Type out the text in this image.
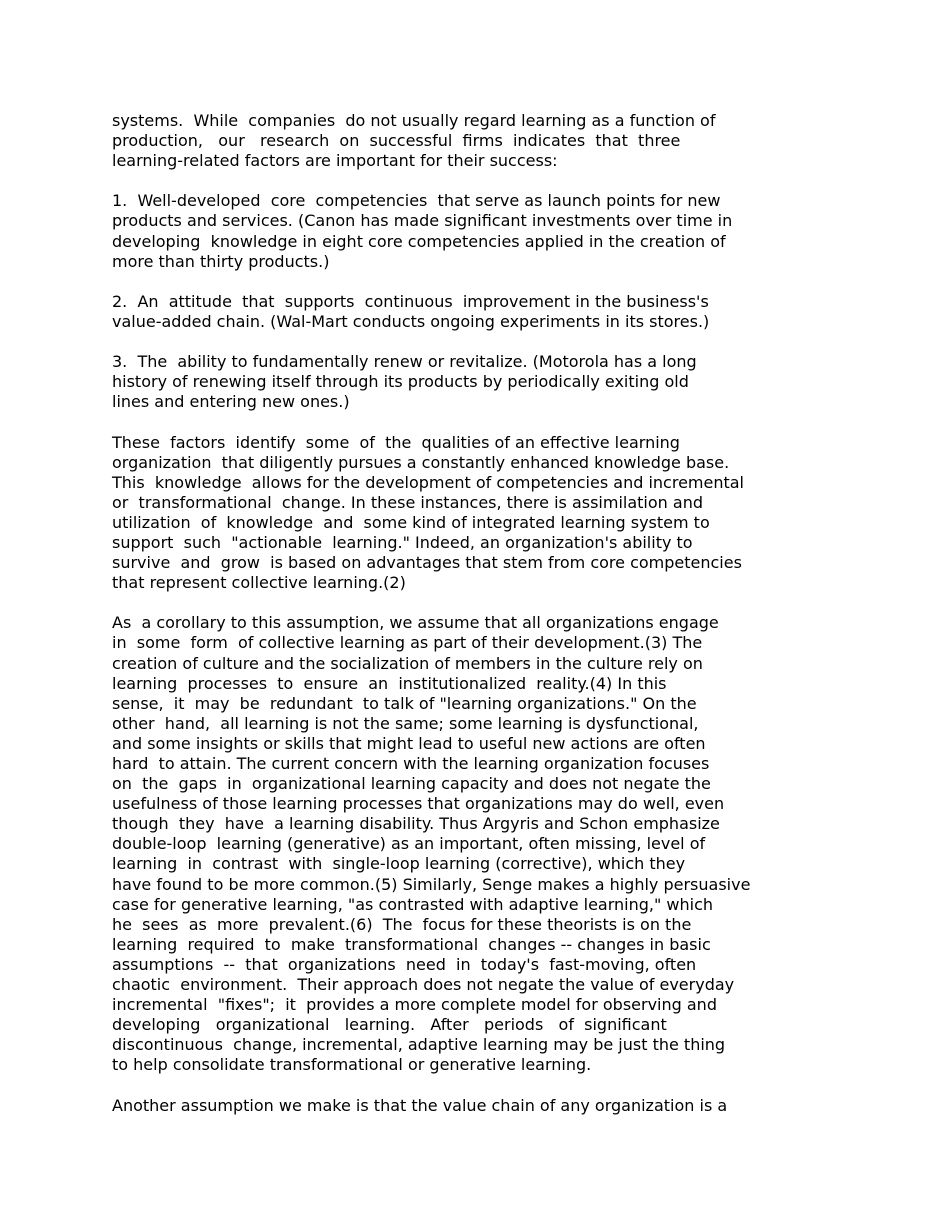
systems.  While  companies  do not usually regard learning as a function of
production,   our   research  on  successful  firms  indicates  that  three
learning-related factors are important for their success:
1.  Well-developed  core  competencies  that serve as launch points for new
products and services. (Canon has made significant investments over time in
developing  knowledge in eight core competencies applied in the creation of
more than thirty products.)
2.  An  attitude  that  supports  continuous  improvement in the business's
value-added chain. (Wal-Mart conducts ongoing experiments in its stores.)
3.  The  ability to fundamentally renew or revitalize. (Motorola has a long
history of renewing itself through its products by periodically exiting old
lines and entering new ones.)
These  factors  identify  some  of  the  qualities of an effective learning
organization  that diligently pursues a constantly enhanced knowledge base.
This  knowledge  allows for the development of competencies and incremental
or  transformational  change. In these instances, there is assimilation and
utilization  of  knowledge  and  some kind of integrated learning system to
support  such  "actionable  learning." Indeed, an organization's ability to
survive  and  grow  is based on advantages that stem from core competencies
that represent collective learning.(2)
As  a corollary to this assumption, we assume that all organizations engage
in  some  form  of collective learning as part of their development.(3) The
creation of culture and the socialization of members in the culture rely on
learning  processes  to  ensure  an  institutionalized  reality.(4) In this
sense,  it  may  be  redundant  to talk of "learning organizations." On the
other  hand,  all learning is not the same; some learning is dysfunctional,
and some insights or skills that might lead to useful new actions are often
hard  to attain. The current concern with the learning organization focuses
on  the  gaps  in  organizational learning capacity and does not negate the
usefulness of those learning processes that organizations may do well, even
though  they  have  a learning disability. Thus Argyris and Schon emphasize
double-loop  learning (generative) as an important, often missing, level of
learning  in  contrast  with  single-loop learning (corrective), which they
have found to be more common.(5) Similarly, Senge makes a highly persuasive
case for generative learning, "as contrasted with adaptive learning," which
he  sees  as  more  prevalent.(6)  The  focus for these theorists is on the
learning  required  to  make  transformational  changes -- changes in basic
assumptions  --  that  organizations  need  in  today's  fast-moving, often
chaotic  environment.  Their approach does not negate the value of everyday
incremental  "fixes";  it  provides a more complete model for observing and
developing   organizational   learning.   After   periods   of  significant
discontinuous  change, incremental, adaptive learning may be just the thing
to help consolidate transformational or generative learning.
Another assumption we make is that the value chain of any organization is a
